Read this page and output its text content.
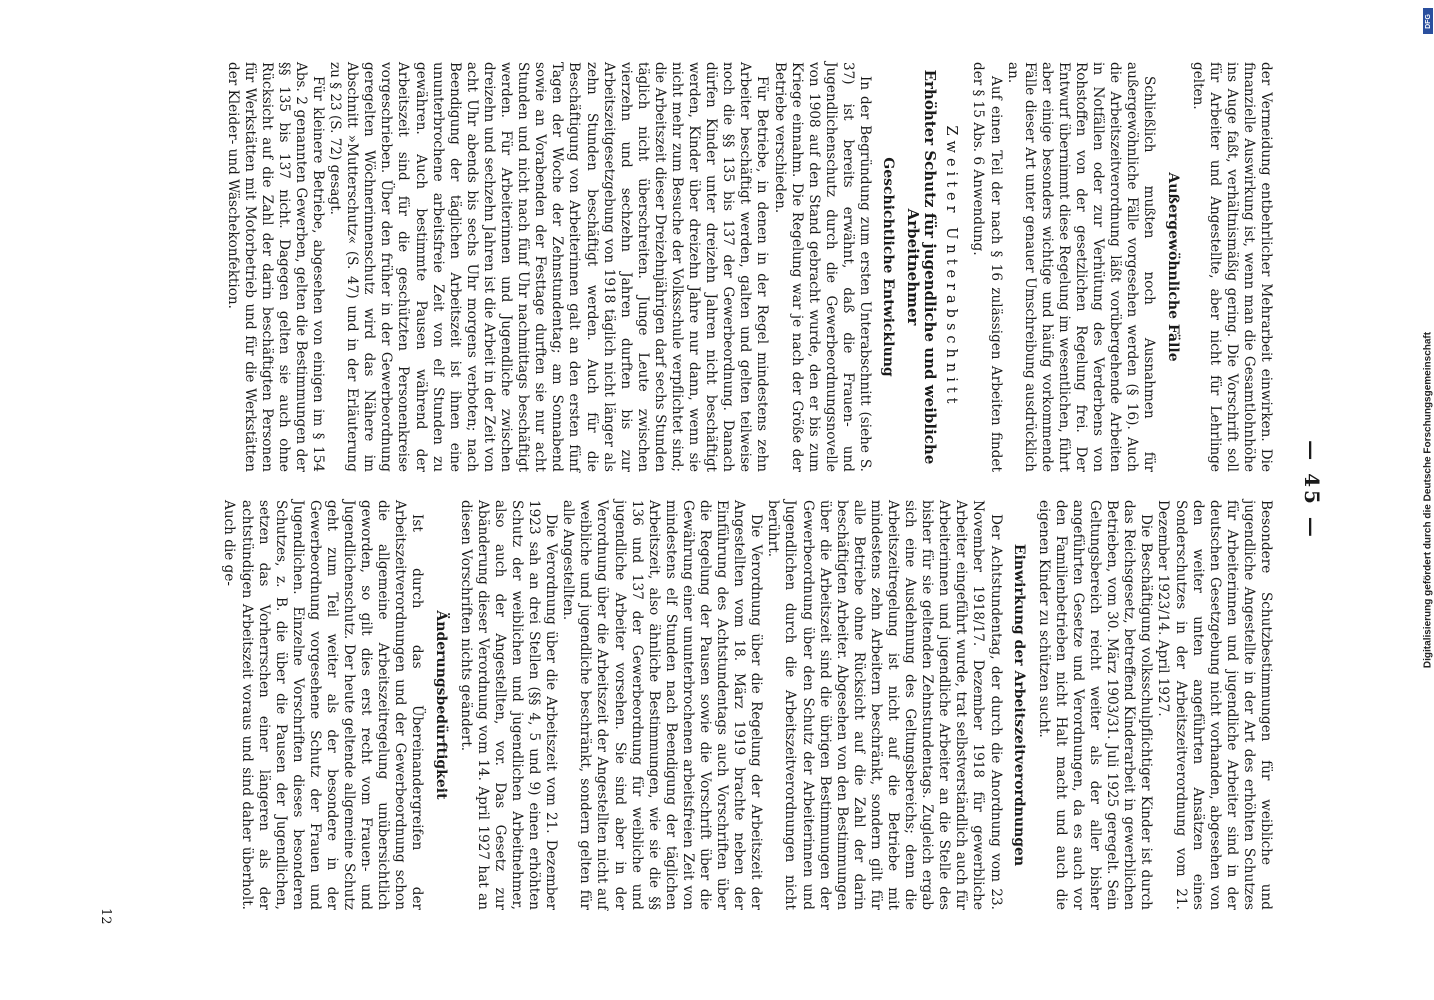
— 45 —

der Vermeidung entbehrlicher Mehrarbeit einwirken. Die finanzielle Auswirkung ist, wenn man die Gesamtlohnhöhe ins Auge faßt, verhältnismäßig gering. Die Vorschrift soll für Arbeiter und Angestellte, aber nicht für Lehrlinge gelten.

Außergewöhnliche Fälle

Schließlich mußten noch Ausnahmen für außergewöhnliche Fälle vorgesehen werden (§ 16). Auch die Arbeitszeitverordnung läßt vorübergehende Arbeiten in Notfällen oder zur Verhütung des Verderbens von Rohstoffen von der gesetzlichen Regelung frei. Der Entwurf übernimmt diese Regelung im wesentlichen, führt aber einige besonders wichtige und häufig vorkommende Fälle dieser Art unter genauer Umschreibung ausdrücklich an.

Auf einen Teil der nach § 16 zulässigen Arbeiten findet der § 15 Abs. 6 Anwendung.

Zweiter Unterabschnitt
Erhöhter Schutz für jugendliche und weibliche Arbeitnehmer
Geschichtliche Entwicklung

In der Begründung zum ersten Unterabschnitt (siehe S. 37) ist bereits erwähnt, daß die Frauen- und Jugendlichenschutz durch die Gewerbeordnungsnovelle von 1908 auf den Stand gebracht wurde, den er bis zum Kriege einnahm. Die Regelung war je nach der Größe der Betriebe verschieden.

Für Betriebe, in denen in der Regel mindestens zehn Arbeiter beschäftigt werden, galten und gelten teilweise noch die §§ 135 bis 137 der Gewerbeordnung. Danach dürfen Kinder unter dreizehn Jahren nicht beschäftigt werden, Kinder über dreizehn Jahre nur dann, wenn sie nicht mehr zum Besuche der Volksschule verpflichtet sind; die Arbeitszeit dieser Dreizehnjährigen darf sechs Stunden täglich nicht überschreiten. Junge Leute zwischen vierzehn und sechzehn Jahren durften bis zur Arbeitszeitgesetzgebung von 1918 täglich nicht länger als zehn Stunden beschäftigt werden. Auch für die Beschäftigung von Arbeiterinnen galt an den ersten fünf Tagen der Woche der Zehnstundentag; am Sonnabend sowie an Vorabenden der Festtage durften sie nur acht Stunden und nicht nach fünf Uhr nachmittags beschäftigt werden. Für Arbeiterinnen und Jugendliche zwischen dreizehn und sechzehn Jahren ist die Arbeit in der Zeit von acht Uhr abends bis sechs Uhr morgens verboten; nach Beendigung der täglichen Arbeitszeit ist ihnen eine ununterbrochene arbeitsfreie Zeit von elf Stunden zu gewähren. Auch bestimmte Pausen während der Arbeitszeit sind für die geschützten Personenkreise vorgeschrieben. Über den früher in der Gewerbeordnung geregelten Wöchnerinnenschutz wird das Nähere im Abschnitt »Mutterschutz« (S. 47) und in der Erläuterung zu § 23 (S. 72) gesagt.

Für kleinere Betriebe, abgesehen von einigen im § 154 Abs. 2 genannten Gewerben, gelten die Bestimmungen der §§ 135 bis 137 nicht. Dagegen gelten sie auch ohne Rücksicht auf die Zahl der darin beschäftigten Personen für Werkstätten mit Motorbetrieb und für die Werkstätten der Kleider- und Wäschekonfektion.

Besondere Schutzbestimmungen für weibliche und jugendliche Angestellte in der Art des erhöhten Schutzes für Arbeiterinnen und jugendliche Arbeiter sind in der deutschen Gesetzgebung nicht vorhanden, abgesehen von den weiter unten angeführten Ansätzen eines Sonderschutzes in der Arbeitszeitverordnung vom 21. Dezember 1923/14. April 1927.

Die Beschäftigung volksschulpflichtiger Kinder ist durch das Reichsgesetz, betreffend Kinderarbeit in gewerblichen Betrieben, vom 30. März 1903/31. Juli 1925 geregelt. Sein Geltungsbereich reicht weiter als der aller bisher angeführten Gesetze und Verordnungen, da es auch vor den Familienbetrieben nicht Halt macht und auch die eigenen Kinder zu schützen sucht.

Einwirkung der Arbeitszeitverordnungen

Der Achtstundentag, der durch die Anordnung vom 23. November 1918/17. Dezember 1918 für gewerbliche Arbeiter eingeführt wurde, trat selbstverständlich auch für Arbeiterinnen und jugendliche Arbeiter an die Stelle des bisher für sie geltenden Zehnstundentags. Zugleich ergab sich eine Ausdehnung des Geltungsbereichs; denn die Arbeitszeitregelung ist nicht auf die Betriebe mit mindestens zehn Arbeitern beschränkt, sondern gilt für alle Betriebe ohne Rücksicht auf die Zahl der darin beschäftigten Arbeiter. Abgesehen von den Bestimmungen über die Arbeitszeit sind die übrigen Bestimmungen der Gewerbeordnung über den Schutz der Arbeiterinnen und Jugendlichen durch die Arbeitszeitverordnungen nicht berührt.

Die Verordnung über die Regelung der Arbeitszeit der Angestellten vom 18. März 1919 brachte neben der Einführung des Achtstundentags auch Vorschriften über die Regelung der Pausen sowie die Vorschrift über die Gewährung einer ununterbrochenen arbeitsfreien Zeit von mindestens elf Stunden nach Beendigung der täglichen Arbeitszeit, also ähnliche Bestimmungen, wie sie die §§ 136 und 137 der Gewerbeordnung für weibliche und jugendliche Arbeiter vorsehen. Sie sind aber in der Verordnung über die Arbeitszeit der Angestellten nicht auf weibliche und jugendliche beschränkt, sondern gelten für alle Angestellten.

Die Verordnung über die Arbeitszeit vom 21. Dezember 1923 sah an drei Stellen (§§ 4, 5 und 9) einen erhöhten Schutz der weiblichen und jugendlichen Arbeitnehmer, also auch der Angestellten, vor. Das Gesetz zur Abänderung dieser Verordnung vom 14. April 1927 hat an diesen Vorschriften nichts geändert.

Änderungsbedürftigkeit

Ist durch das Übereinandergreifen der Arbeitszeitverordnungen und der Gewerbeordnung schon die allgemeine Arbeitszeitregelung unübersichtlich geworden, so gilt dies erst recht vom Frauen- und Jugendlichenschutz. Der heute geltende allgemeine Schutz geht zum Teil weiter als der besondere in der Gewerbeordnung vorgesehene Schutz der Frauen und Jugendlichen. Einzelne Vorschriften dieses besonderen Schutzes, z. B. die über die Pausen der Jugendlichen, setzen das Vorherrschen einer längeren als der achtstündigen Arbeitszeit voraus und sind daher überholt. Auch die ge-

12
DFG
Digitalisierung gefördert durch die Deutsche Forschungsgemeinschaft
